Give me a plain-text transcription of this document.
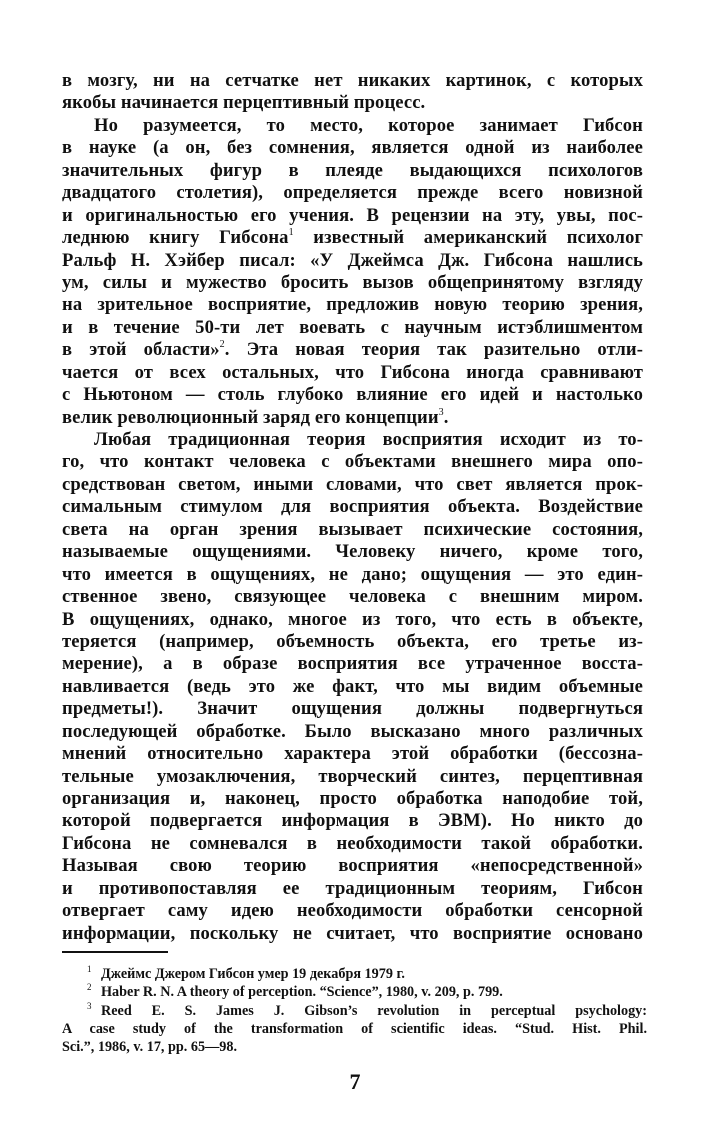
в мозгу, ни на сетчатке нет никаких картинок, с которых
якобы начинается перцептивный процесс.
Но разумеется, то место, которое занимает Гибсон
в науке (а он, без сомнения, является одной из наиболее
значительных фигур в плеяде выдающихся психологов
двадцатого столетия), определяется прежде всего новизной
и оригинальностью его учения. В рецензии на эту, увы, пос-
леднюю книгу Гибсона$^1$ известный американский психолог
Ральф Н. Хэйбер писал: «У Джеймса Дж. Гибсона нашлись
ум, силы и мужество бросить вызов общепринятому взгляду
на зрительное восприятие, предложив новую теорию зрения,
и в течение 50-ти лет воевать с научным истэблишментом
в этой области»$^2$. Эта новая теория так разительно отли-
чается от всех остальных, что Гибсона иногда сравнивают
с Ньютоном — столь глубоко влияние его идей и настолько
велик революционный заряд его концепции$^3$.
Любая традиционная теория восприятия исходит из то-
го, что контакт человека с объектами внешнего мира опо-
средствован светом, иными словами, что свет является прок-
симальным стимулом для восприятия объекта. Воздействие
света на орган зрения вызывает психические состояния,
называемые ощущениями. Человеку ничего, кроме того,
что имеется в ощущениях, не дано; ощущения — это един-
ственное звено, связующее человека с внешним миром.
В ощущениях, однако, многое из того, что есть в объекте,
теряется (например, объемность объекта, его третье из-
мерение), а в образе восприятия все утраченное восста-
навливается (ведь это же факт, что мы видим объемные
предметы!). Значит ощущения должны подвергнуться
последующей обработке. Было высказано много различных
мнений относительно характера этой обработки (бессозна-
тельные умозаключения, творческий синтез, перцептивная
организация и, наконец, просто обработка наподобие той,
которой подвергается информация в ЭВМ). Но никто до
Гибсона не сомневался в необходимости такой обработки.
Называя свою теорию восприятия «непосредственной»
и противопоставляя ее традиционным теориям, Гибсон
отвергает саму идею необходимости обработки сенсорной
информации, поскольку не считает, что восприятие основано
1 Джеймс Джером Гибсон умер 19 декабря 1979 г.
2 Haber R. N. A theory of perception. “Science”, 1980, v. 209, p. 799.
3 Reed E. S. James J. Gibson’s revolution in perceptual psychology:
A case study of the transformation of scientific ideas. “Stud. Hist. Phil.
Sci.”, 1986, v. 17, pp. 65—98.
7
